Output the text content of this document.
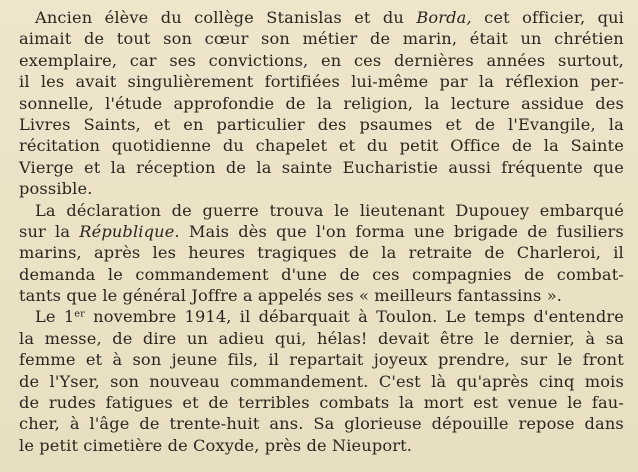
Ancien élève du collège Stanislas et du Borda, cet officier, qui
aimait de tout son cœur son métier de marin, était un chrétien
exemplaire, car ses convictions, en ces dernières années surtout,
il les avait singulièrement fortifiées lui-même par la réflexion per-
sonnelle, l'étude approfondie de la religion, la lecture assidue des
Livres Saints, et en particulier des psaumes et de l'Evangile, la
récitation quotidienne du chapelet et du petit Office de la Sainte
Vierge et la réception de la sainte Eucharistie aussi fréquente que
possible.
La déclaration de guerre trouva le lieutenant Dupouey embarqué
sur la République. Mais dès que l'on forma une brigade de fusiliers
marins, après les heures tragiques de la retraite de Charleroi, il
demanda le commandement d'une de ces compagnies de combat-
tants que le général Joffre a appelés ses « meilleurs fantassins ».
Le 1er novembre 1914, il débarquait à Toulon. Le temps d'entendre
la messe, de dire un adieu qui, hélas! devait être le dernier, à sa
femme et à son jeune fils, il repartait joyeux prendre, sur le front
de l'Yser, son nouveau commandement. C'est là qu'après cinq mois
de rudes fatigues et de terribles combats la mort est venue le fau-
cher, à l'âge de trente-huit ans. Sa glorieuse dépouille repose dans
le petit cimetière de Coxyde, près de Nieuport.
